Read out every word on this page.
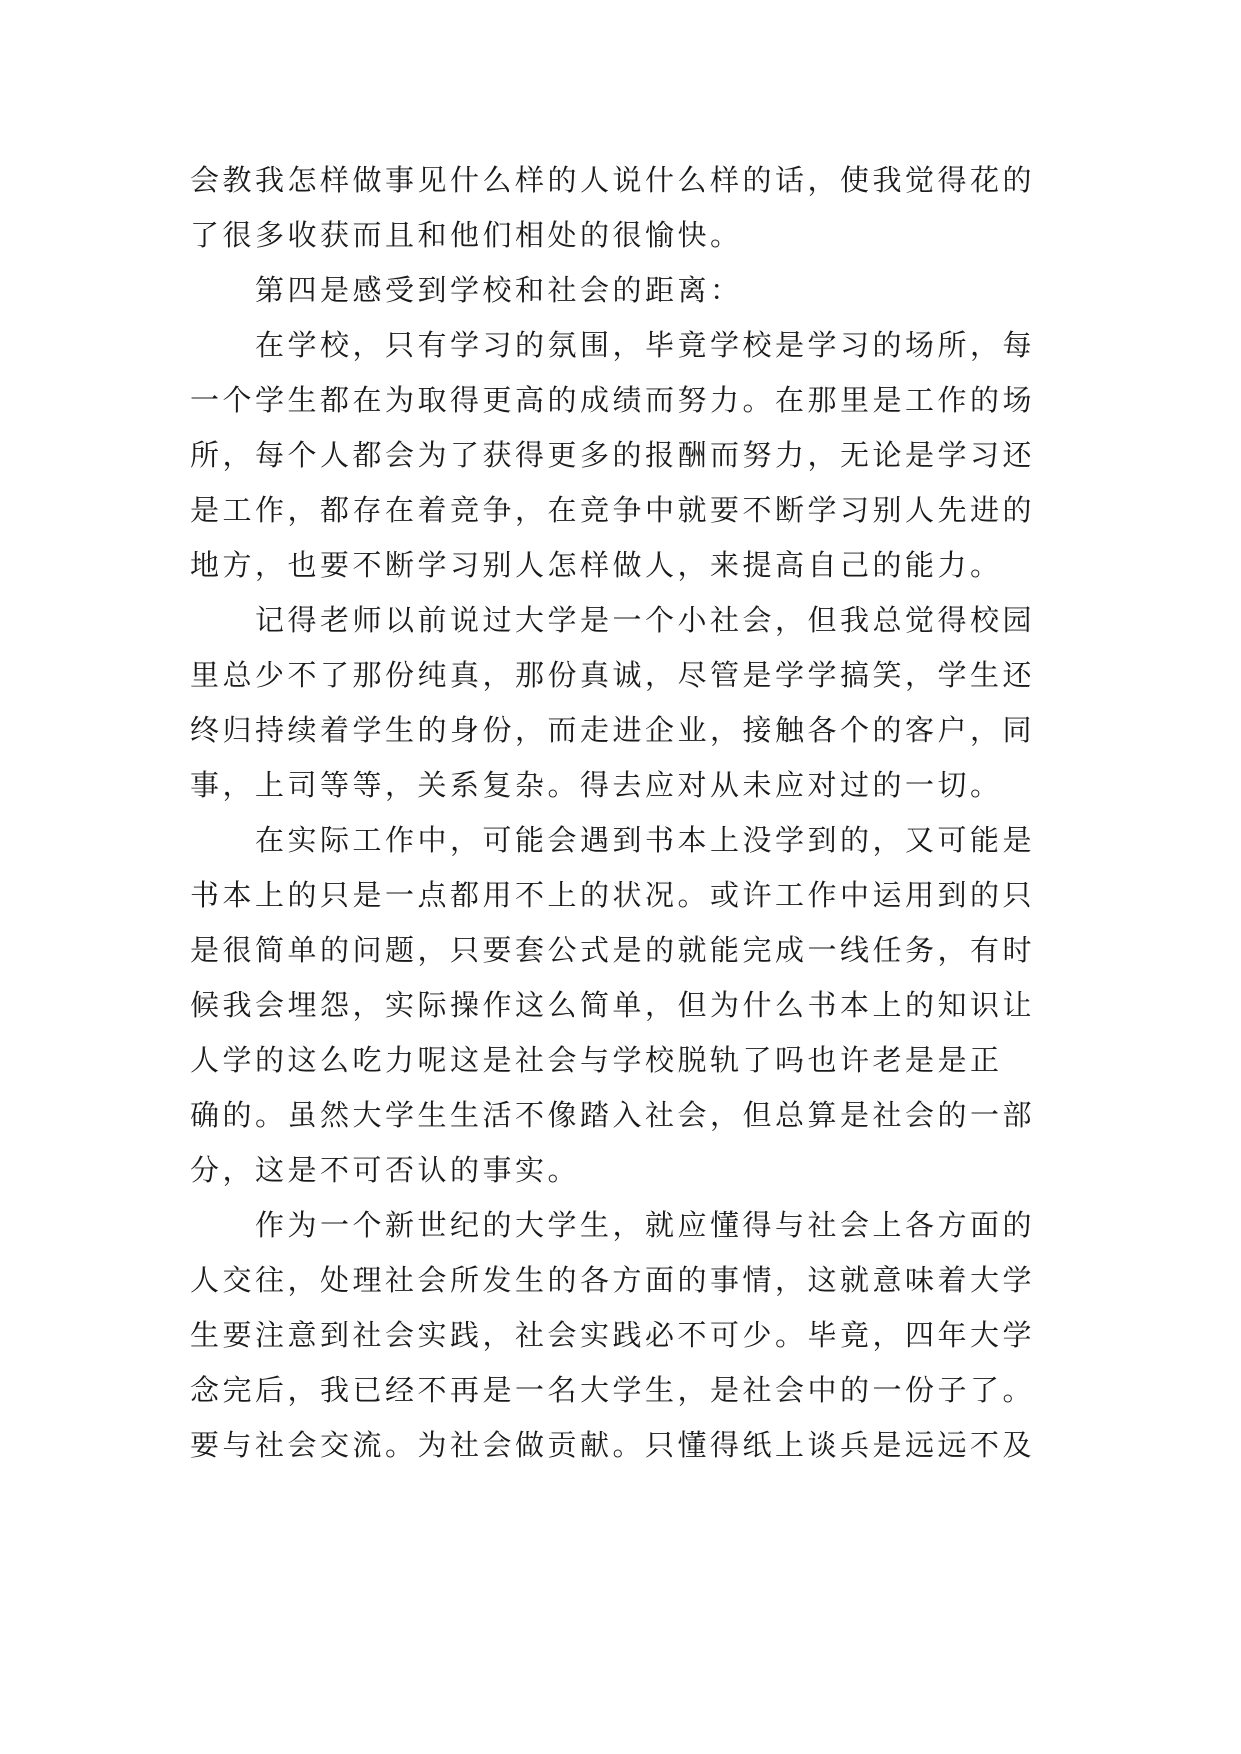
会教我怎样做事见什么样的人说什么样的话，使我觉得花的
了很多收获而且和他们相处的很愉快。
第四是感受到学校和社会的距离：
在学校，只有学习的氛围，毕竟学校是学习的场所，每
一个学生都在为取得更高的成绩而努力。在那里是工作的场
所，每个人都会为了获得更多的报酬而努力，无论是学习还
是工作，都存在着竞争，在竞争中就要不断学习别人先进的
地方，也要不断学习别人怎样做人，来提高自己的能力。
记得老师以前说过大学是一个小社会，但我总觉得校园
里总少不了那份纯真，那份真诚，尽管是学学搞笑，学生还
终归持续着学生的身份，而走进企业，接触各个的客户，同
事，上司等等，关系复杂。得去应对从未应对过的一切。
在实际工作中，可能会遇到书本上没学到的，又可能是
书本上的只是一点都用不上的状况。或许工作中运用到的只
是很简单的问题，只要套公式是的就能完成一线任务，有时
候我会埋怨，实际操作这么简单，但为什么书本上的知识让
人学的这么吃力呢这是社会与学校脱轨了吗也许老是是正
确的。虽然大学生生活不像踏入社会，但总算是社会的一部
分，这是不可否认的事实。
作为一个新世纪的大学生，就应懂得与社会上各方面的
人交往，处理社会所发生的各方面的事情，这就意味着大学
生要注意到社会实践，社会实践必不可少。毕竟，四年大学
念完后，我已经不再是一名大学生，是社会中的一份子了。
要与社会交流。为社会做贡献。只懂得纸上谈兵是远远不及
